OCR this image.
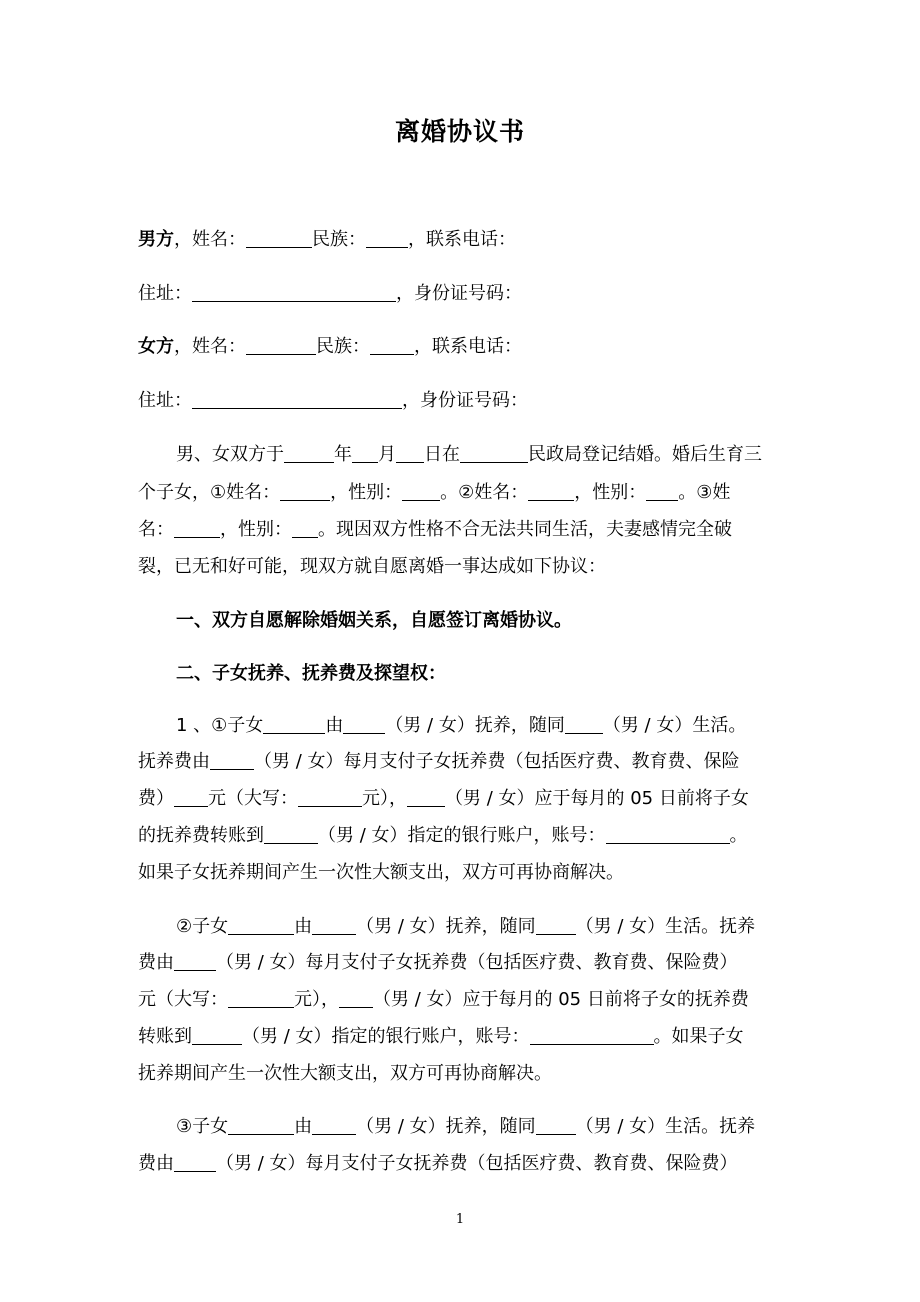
离婚协议书
男方，姓名：	民族： ，联系电话：
住址：	，身份证号码：
女方，姓名：	民族： ，联系电话：
住址：	，身份证号码：
男、女双方于	年 月 日在	民政局登记结婚。婚后生育三
个子女，①姓名：	，性别： 。②姓名：	，性别： 。③姓
名：	，性别： 。现因双方性格不合无法共同生活，夫妻感情完全破
裂，已无和好可能，现双方就自愿离婚一事达成如下协议：
一、双方自愿解除婚姻关系，自愿签订离婚协议。
二、子女抚养、抚养费及探望权：
1 、①子女	由 （男 / 女）抚养，随同 （男 / 女）生活。
抚养费由 （男 / 女）每月支付子女抚养费（包括医疗费、教育费、保险
费） 元（大写：	元）， （男 / 女）应于每月的 05 日前将子女
的抚养费转账到	（男 / 女）指定的银行账户，账号：	。
如果子女抚养期间产生一次性大额支出，双方可再协商解决。
②子女	由 （男 / 女）抚养，随同 （男 / 女）生活。抚养
费由 （男 / 女）每月支付子女抚养费（包括医疗费、教育费、保险费）
元（大写：	元）， （男 / 女）应于每月的 05 日前将子女的抚养费
转账到	（男 / 女）指定的银行账户，账号：	。如果子女
抚养期间产生一次性大额支出，双方可再协商解决。
③子女	由 （男 / 女）抚养，随同 （男 / 女）生活。抚养
费由 （男 / 女）每月支付子女抚养费（包括医疗费、教育费、保险费）
1
